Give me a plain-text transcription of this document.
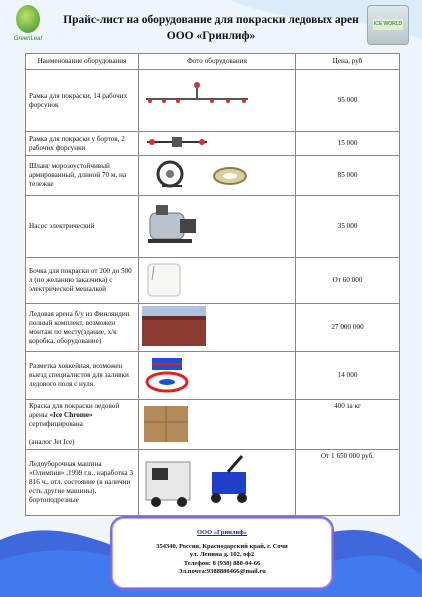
GreenLeaf
ICE WORLD
Прайс-лист на оборудование для покраски ледовых арен
ООО «Гринлиф»
Наименование оборудования	Фото оборудования	Цена, руб
Рамка для покраски, 14 рабочих форсунок		95 000
Рамка для покраски у бортов, 2 рабочих форсунки		15 000
Шланг морозоустойчивый армированный, длиной 70 м, на тележке		85 000
Насос электрический		35 000
Бочка для покраски от 200 до 500 л (по желанию заказчика) с электрической мешалкой		От 60 000
Ледовая арена б/у из Финляндии полный комплект, возможен монтаж по месту(здание, х/к коробка, оборудование)		27 000 000
Разметка хоккейная, возможен выезд специалистов для заливки ледового поля с нуля.		14 000
Краска для покраски ледовой арены «Ice Chrome» сертифицирована

(аналог Jet Ice)		400 за кг
Ледоуборочная машина «Олимпия» ,1999 г.в., наработка 3 816 ч., отл. состояние (в наличии есть другие машины), бортоподрезные		От 1 650 000 руб.
ООО «Гринлиф»
354340, Россия, Краснодарский край, г. Сочи
ул. Ленина д. 102, оф2
Телефон: 8 (938) 888-04-66
Эл.почта:9388880466@mail.ru
